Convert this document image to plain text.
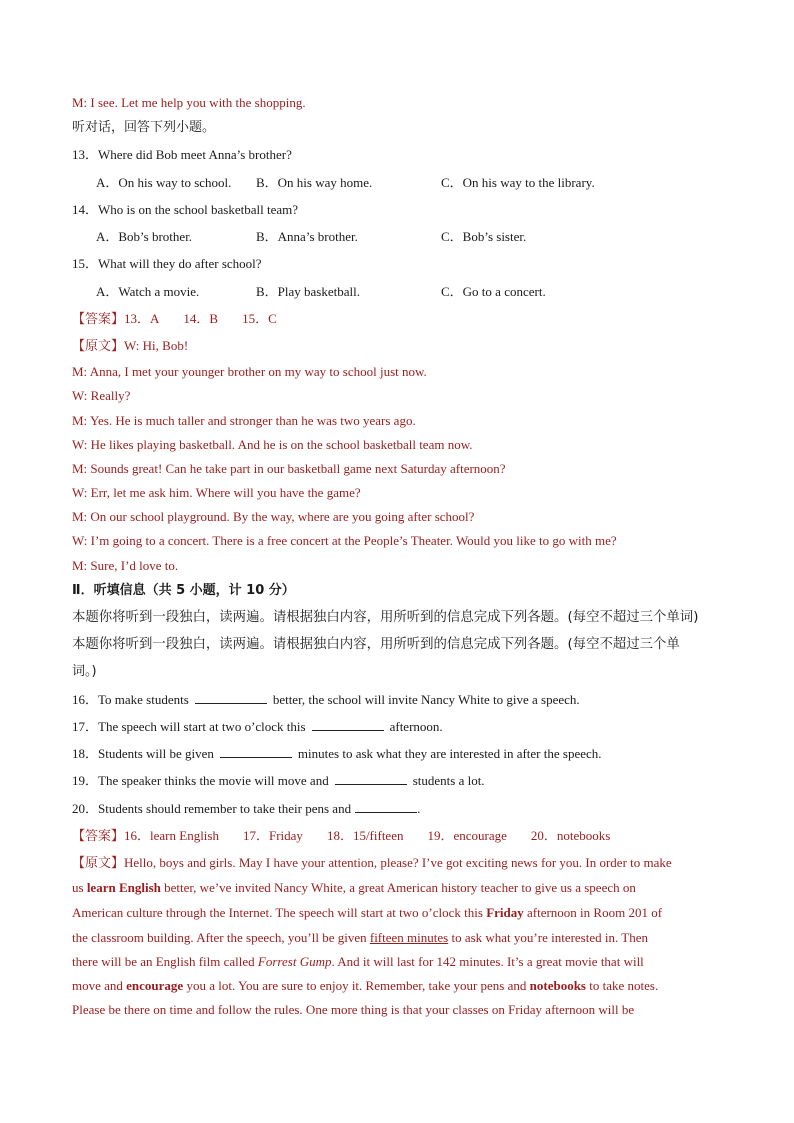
M: I see. Let me help you with the shopping.
听对话，回答下列小题。
13．Where did Bob meet Anna’s brother?
A．On his way to school. B．On his way home.	C．On his way to the library.
14．Who is on the school basketball team?
A．Bob’s brother.	B．Anna’s brother.	C．Bob’s sister.
15．What will they do after school?
A．Watch a movie.	B．Play basketball.	C．Go to a concert.
【答案】13．A 14．B 15．C
【原文】W: Hi, Bob!
M: Anna, I met your younger brother on my way to school just now.
W: Really?
M: Yes. He is much taller and stronger than he was two years ago.
W: He likes playing basketball. And he is on the school basketball team now.
M: Sounds great! Can he take part in our basketball game next Saturday afternoon?
W: Err, let me ask him. Where will you have the game?
M: On our school playground. By the way, where are you going after school?
W: I’m going to a concert. There is a free concert at the People’s Theater. Would you like to go with me?
M: Sure, I’d love to.
Ⅱ．听填信息（共 5 小题，计 10 分）
本题你将听到一段独白，读两遍。请根据独白内容，用所听到的信息完成下列各题。(每空不超过三个单词)
本题你将听到一段独白，读两遍。请根据独白内容，用所听到的信息完成下列各题。(每空不超过三个单
词。)
16．To make students	better, the school will invite Nancy White to give a speech.
17．The speech will start at two o’clock this	afternoon.
18．Students will be given	minutes to ask what they are interested in after the speech.
19．The speaker thinks the movie will move and	students a lot.
20．Students should remember to take their pens and	.
【答案】16．learn English 17．Friday 18．15/fifteen 19．encourage 20．notebooks
【原文】Hello, boys and girls. May I have your attention, please? I’ve got exciting news for you. In order to make
us learn English better, we’ve invited Nancy White, a great American history teacher to give us a speech on
American culture through the Internet. The speech will start at two o’clock this Friday afternoon in Room 201 of
the classroom building. After the speech, you’ll be given fifteen minutes to ask what you’re interested in. Then
there will be an English film called Forrest Gump. And it will last for 142 minutes. It’s a great movie that will
move and encourage you a lot. You are sure to enjoy it. Remember, take your pens and notebooks to take notes.
Please be there on time and follow the rules. One more thing is that your classes on Friday afternoon will be
